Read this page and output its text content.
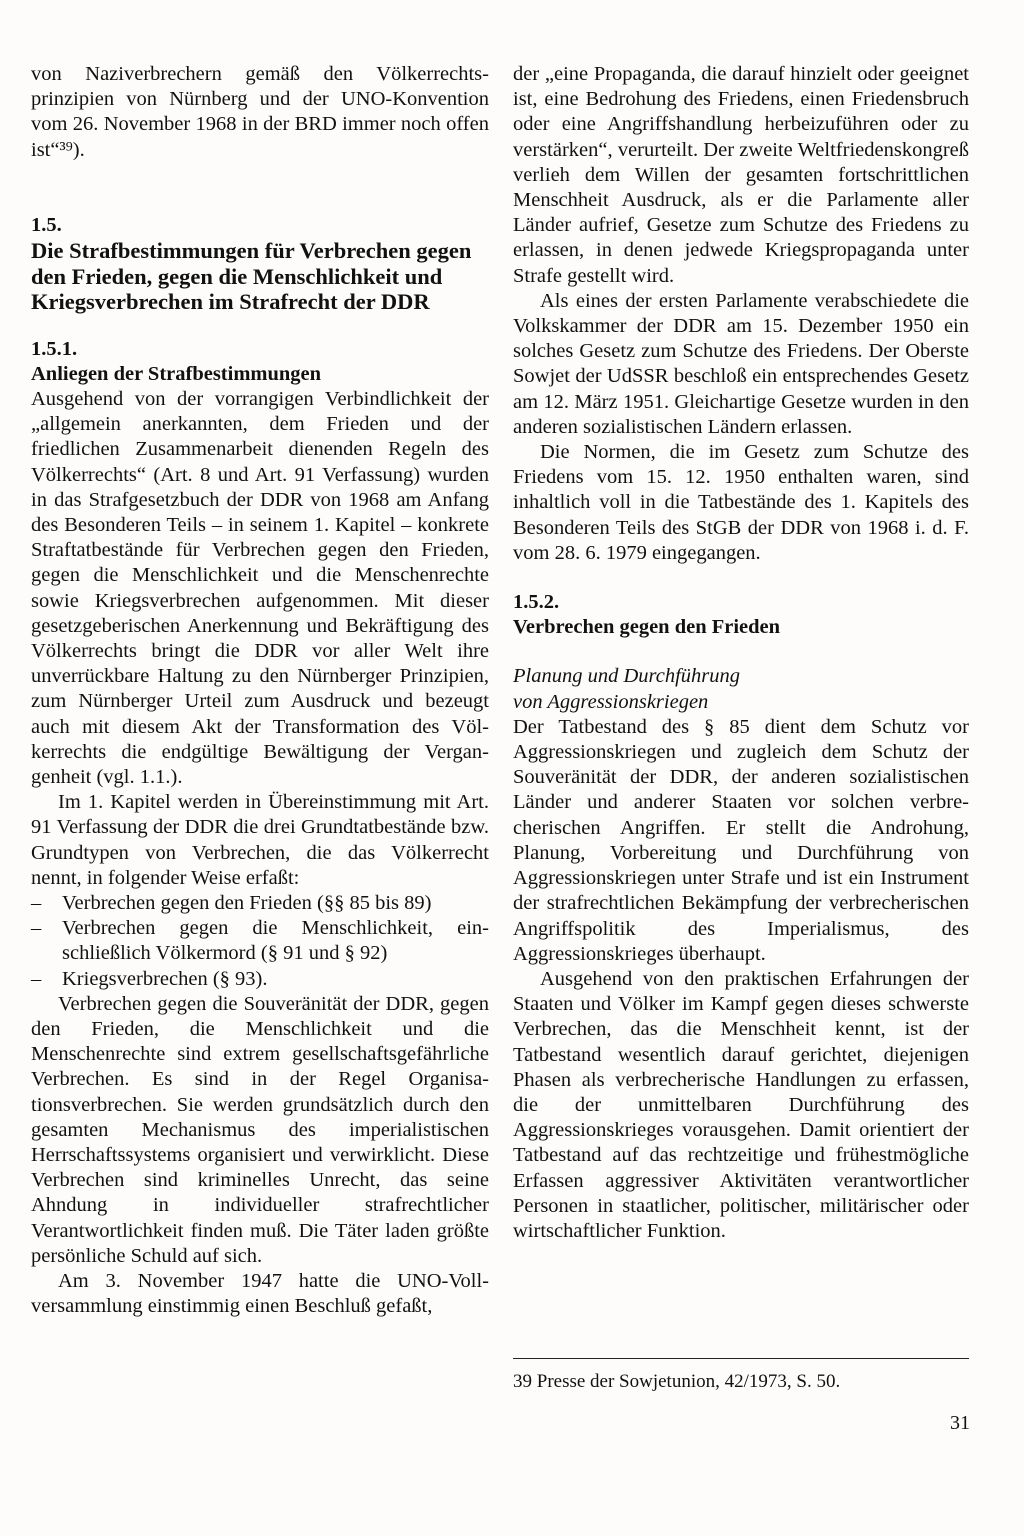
von Naziverbrechern gemäß den Völkerrechtsprinzipien von Nürnberg und der UNO-Konvention vom 26. November 1968 in der BRD immer noch offen ist“³⁹).

1.5.

Die Strafbestimmungen für Verbrechen gegen den Frieden, gegen die Menschlichkeit und Kriegsverbrechen im Strafrecht der DDR

1.5.1.

Anliegen der Strafbestimmungen

Ausgehend von der vorrangigen Verbindlichkeit der „allgemein anerkannten, dem Frieden und der friedlichen Zusammenarbeit dienenden Regeln des Völkerrechts“ (Art. 8 und Art. 91 Verfassung) wurden in das Strafgesetzbuch der DDR von 1968 am Anfang des Besonderen Teils – in seinem 1. Kapitel – konkrete Straftatbestände für Verbrechen gegen den Frieden, gegen die Menschlichkeit und die Menschenrechte sowie Kriegsverbrechen aufgenommen. Mit dieser gesetzgeberischen Anerkennung und Bekräftigung des Völkerrechts bringt die DDR vor aller Welt ihre unverrückbare Haltung zu den Nürnberger Prinzipien, zum Nürnberger Urteil zum Ausdruck und bezeugt auch mit diesem Akt der Transformation des Völkerrechts die endgültige Bewältigung der Vergangenheit (vgl. 1.1.).

Im 1. Kapitel werden in Übereinstimmung mit Art. 91 Verfassung der DDR die drei Grundtatbestände bzw. Grundtypen von Verbrechen, die das Völkerrecht nennt, in folgender Weise erfaßt:

– Verbrechen gegen den Frieden (§§ 85 bis 89)

– Verbrechen gegen die Menschlichkeit, einschließlich Völkermord (§ 91 und § 92)

– Kriegsverbrechen (§ 93).

Verbrechen gegen die Souveränität der DDR, gegen den Frieden, die Menschlichkeit und die Menschenrechte sind extrem gesellschaftsgefährliche Verbrechen. Es sind in der Regel Organisationsverbrechen. Sie werden grundsätzlich durch den gesamten Mechanismus des imperialistischen Herrschaftssystems organisiert und verwirklicht. Diese Verbrechen sind kriminelles Unrecht, das seine Ahndung in individueller strafrechtlicher Verantwortlichkeit finden muß. Die Täter laden größte persönliche Schuld auf sich.

Am 3. November 1947 hatte die UNO-Vollversammlung einstimmig einen Beschluß gefaßt,

der „eine Propaganda, die darauf hinzielt oder geeignet ist, eine Bedrohung des Friedens, einen Friedensbruch oder eine Angriffshandlung herbeizuführen oder zu verstärken“, verurteilt. Der zweite Weltfriedenskongreß verlieh dem Willen der gesamten fortschrittlichen Menschheit Ausdruck, als er die Parlamente aller Länder aufrief, Gesetze zum Schutze des Friedens zu erlassen, in denen jedwede Kriegspropaganda unter Strafe gestellt wird.

Als eines der ersten Parlamente verabschiedete die Volkskammer der DDR am 15. Dezember 1950 ein solches Gesetz zum Schutze des Friedens. Der Oberste Sowjet der UdSSR beschloß ein entsprechendes Gesetz am 12. März 1951. Gleichartige Gesetze wurden in den anderen sozialistischen Ländern erlassen.

Die Normen, die im Gesetz zum Schutze des Friedens vom 15. 12. 1950 enthalten waren, sind inhaltlich voll in die Tatbestände des 1. Kapitels des Besonderen Teils des StGB der DDR von 1968 i. d. F. vom 28. 6. 1979 eingegangen.

1.5.2.

Verbrechen gegen den Frieden

Planung und Durchführung

von Aggressionskriegen

Der Tatbestand des § 85 dient dem Schutz vor Aggressionskriegen und zugleich dem Schutz der Souveränität der DDR, der anderen sozialistischen Länder und anderer Staaten vor solchen verbrecherischen Angriffen. Er stellt die Androhung, Planung, Vorbereitung und Durchführung von Aggressionskriegen unter Strafe und ist ein Instrument der strafrechtlichen Bekämpfung der verbrecherischen Angriffspolitik des Imperialismus, des Aggressionskrieges überhaupt.

Ausgehend von den praktischen Erfahrungen der Staaten und Völker im Kampf gegen dieses schwerste Verbrechen, das die Menschheit kennt, ist der Tatbestand wesentlich darauf gerichtet, diejenigen Phasen als verbrecherische Handlungen zu erfassen, die der unmittelbaren Durchführung des Aggressionskrieges vorausgehen. Damit orientiert der Tatbestand auf das rechtzeitige und frühestmögliche Erfassen aggressiver Aktivitäten verantwortlicher Personen in staatlicher, politischer, militärischer oder wirtschaftlicher Funktion.

39 Presse der Sowjetunion, 42/1973, S. 50.
31
